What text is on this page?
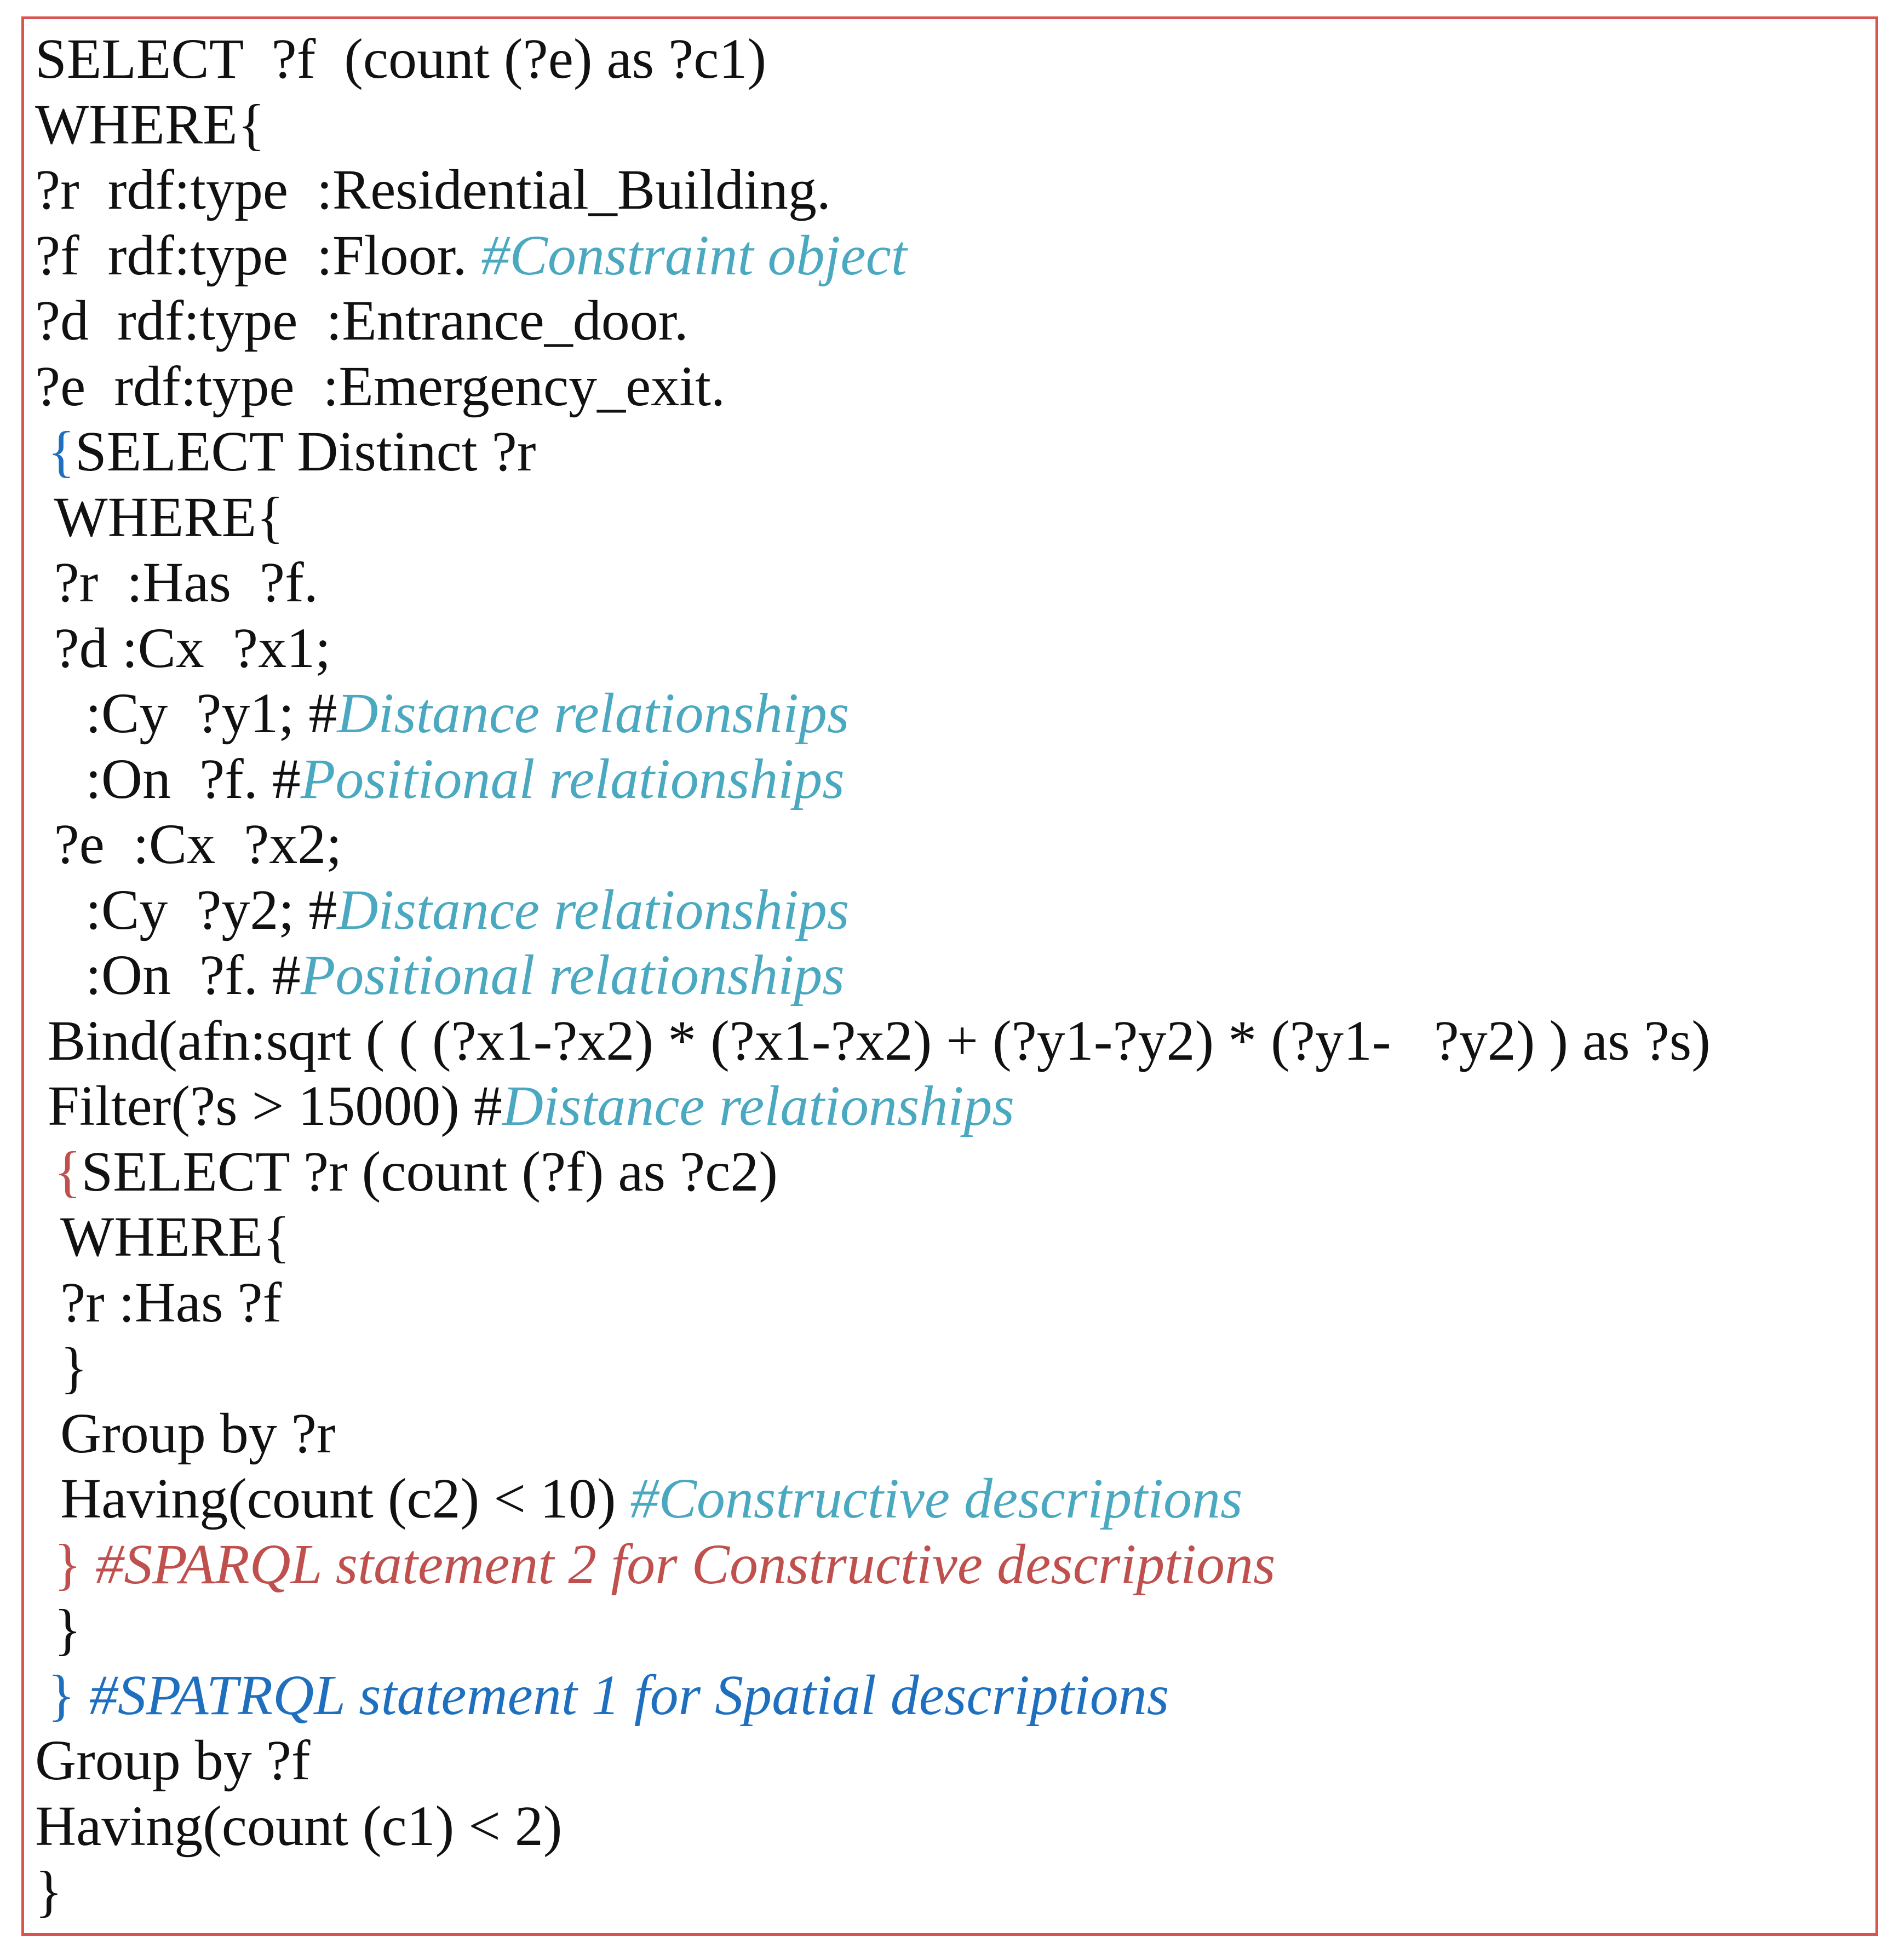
SELECT  ?f  (count (?e) as ?c1)
WHERE{
?r  rdf:type  :Residential_Building.
?f  rdf:type  :Floor. #Constraint object
?d  rdf:type  :Entrance_door.
?e  rdf:type  :Emergency_exit.
{SELECT Distinct ?r
WHERE{
?r  :Has  ?f.
?d :Cx  ?x1;
:Cy  ?y1; #Distance relationships
:On  ?f. #Positional relationships
?e  :Cx  ?x2;
:Cy  ?y2; #Distance relationships
:On  ?f. #Positional relationships
Bind(afn:sqrt ( ( (?x1-?x2) * (?x1-?x2) + (?y1-?y2) * (?y1-   ?y2) ) as ?s)
Filter(?s > 15000) #Distance relationships
{SELECT ?r (count (?f) as ?c2)
WHERE{
?r :Has ?f
}
Group by ?r
Having(count (c2) < 10) #Constructive descriptions
} #SPARQL statement 2 for Constructive descriptions
}
} #SPATRQL statement 1 for Spatial descriptions
Group by ?f
Having(count (c1) < 2)
}
